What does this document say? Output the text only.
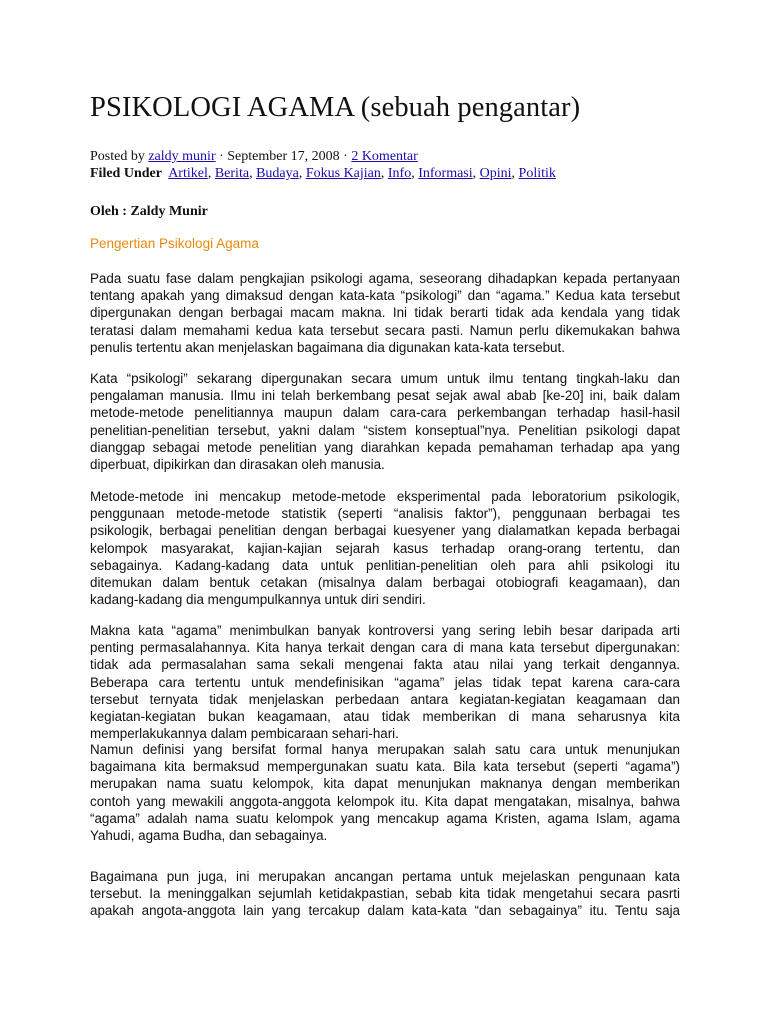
PSIKOLOGI AGAMA (sebuah pengantar)
Posted by zaldy munir · September 17, 2008 · 2 Komentar
Filed Under Artikel, Berita, Budaya, Fokus Kajian, Info, Informasi, Opini, Politik
Oleh : Zaldy Munir
Pengertian Psikologi Agama
Pada suatu fase dalam pengkajian psikologi agama, seseorang dihadapkan kepada pertanyaan
tentang apakah yang dimaksud dengan kata-kata “psikologi” dan “agama.” Kedua kata tersebut
dipergunakan dengan berbagai macam makna. Ini tidak berarti tidak ada kendala yang tidak
teratasi dalam memahami kedua kata tersebut secara pasti. Namun perlu dikemukakan bahwa
penulis tertentu akan menjelaskan bagaimana dia digunakan kata-kata tersebut.
Kata “psikologi” sekarang dipergunakan secara umum untuk ilmu tentang tingkah-laku dan
pengalaman manusia. Ilmu ini telah berkembang pesat sejak awal abab [ke-20] ini, baik dalam
metode-metode penelitiannya maupun dalam cara-cara perkembangan terhadap hasil-hasil
penelitian-penelitian tersebut, yakni dalam “sistem konseptual”nya. Penelitian psikologi dapat
dianggap sebagai metode penelitian yang diarahkan kepada pemahaman terhadap apa yang
diperbuat, dipikirkan dan dirasakan oleh manusia.
Metode-metode ini mencakup metode-metode eksperimental pada leboratorium psikologik,
penggunaan metode-metode statistik (seperti “analisis faktor”), penggunaan berbagai tes
psikologik, berbagai penelitian dengan berbagai kuesyener yang dialamatkan kepada berbagai
kelompok masyarakat, kajian-kajian sejarah kasus terhadap orang-orang tertentu, dan
sebagainya. Kadang-kadang data untuk penlitian-penelitian oleh para ahli psikologi itu
ditemukan dalam bentuk cetakan (misalnya dalam berbagai otobiografi keagamaan), dan
kadang-kadang dia mengumpulkannya untuk diri sendiri.
Makna kata “agama” menimbulkan banyak kontroversi yang sering lebih besar daripada arti
penting permasalahannya. Kita hanya terkait dengan cara di mana kata tersebut dipergunakan:
tidak ada permasalahan sama sekali mengenai fakta atau nilai yang terkait dengannya.
Beberapa cara tertentu untuk mendefinisikan “agama” jelas tidak tepat karena cara-cara
tersebut ternyata tidak menjelaskan perbedaan antara kegiatan-kegiatan keagamaan dan
kegiatan-kegiatan bukan keagamaan, atau tidak memberikan di mana seharusnya kita
memperlakukannya dalam pembicaraan sehari-hari.
Namun definisi yang bersifat formal hanya merupakan salah satu cara untuk menunjukan
bagaimana kita bermaksud mempergunakan suatu kata. Bila kata tersebut (seperti “agama”)
merupakan nama suatu kelompok, kita dapat menunjukan maknanya dengan memberikan
contoh yang mewakili anggota-anggota kelompok itu. Kita dapat mengatakan, misalnya, bahwa
“agama” adalah nama suatu kelompok yang mencakup agama Kristen, agama Islam, agama
Yahudi, agama Budha, dan sebagainya.
Bagaimana pun juga, ini merupakan ancangan pertama untuk mejelaskan pengunaan kata
tersebut. Ia meninggalkan sejumlah ketidakpastian, sebab kita tidak mengetahui secara pasrti
apakah angota-anggota lain yang tercakup dalam kata-kata “dan sebagainya” itu. Tentu saja
